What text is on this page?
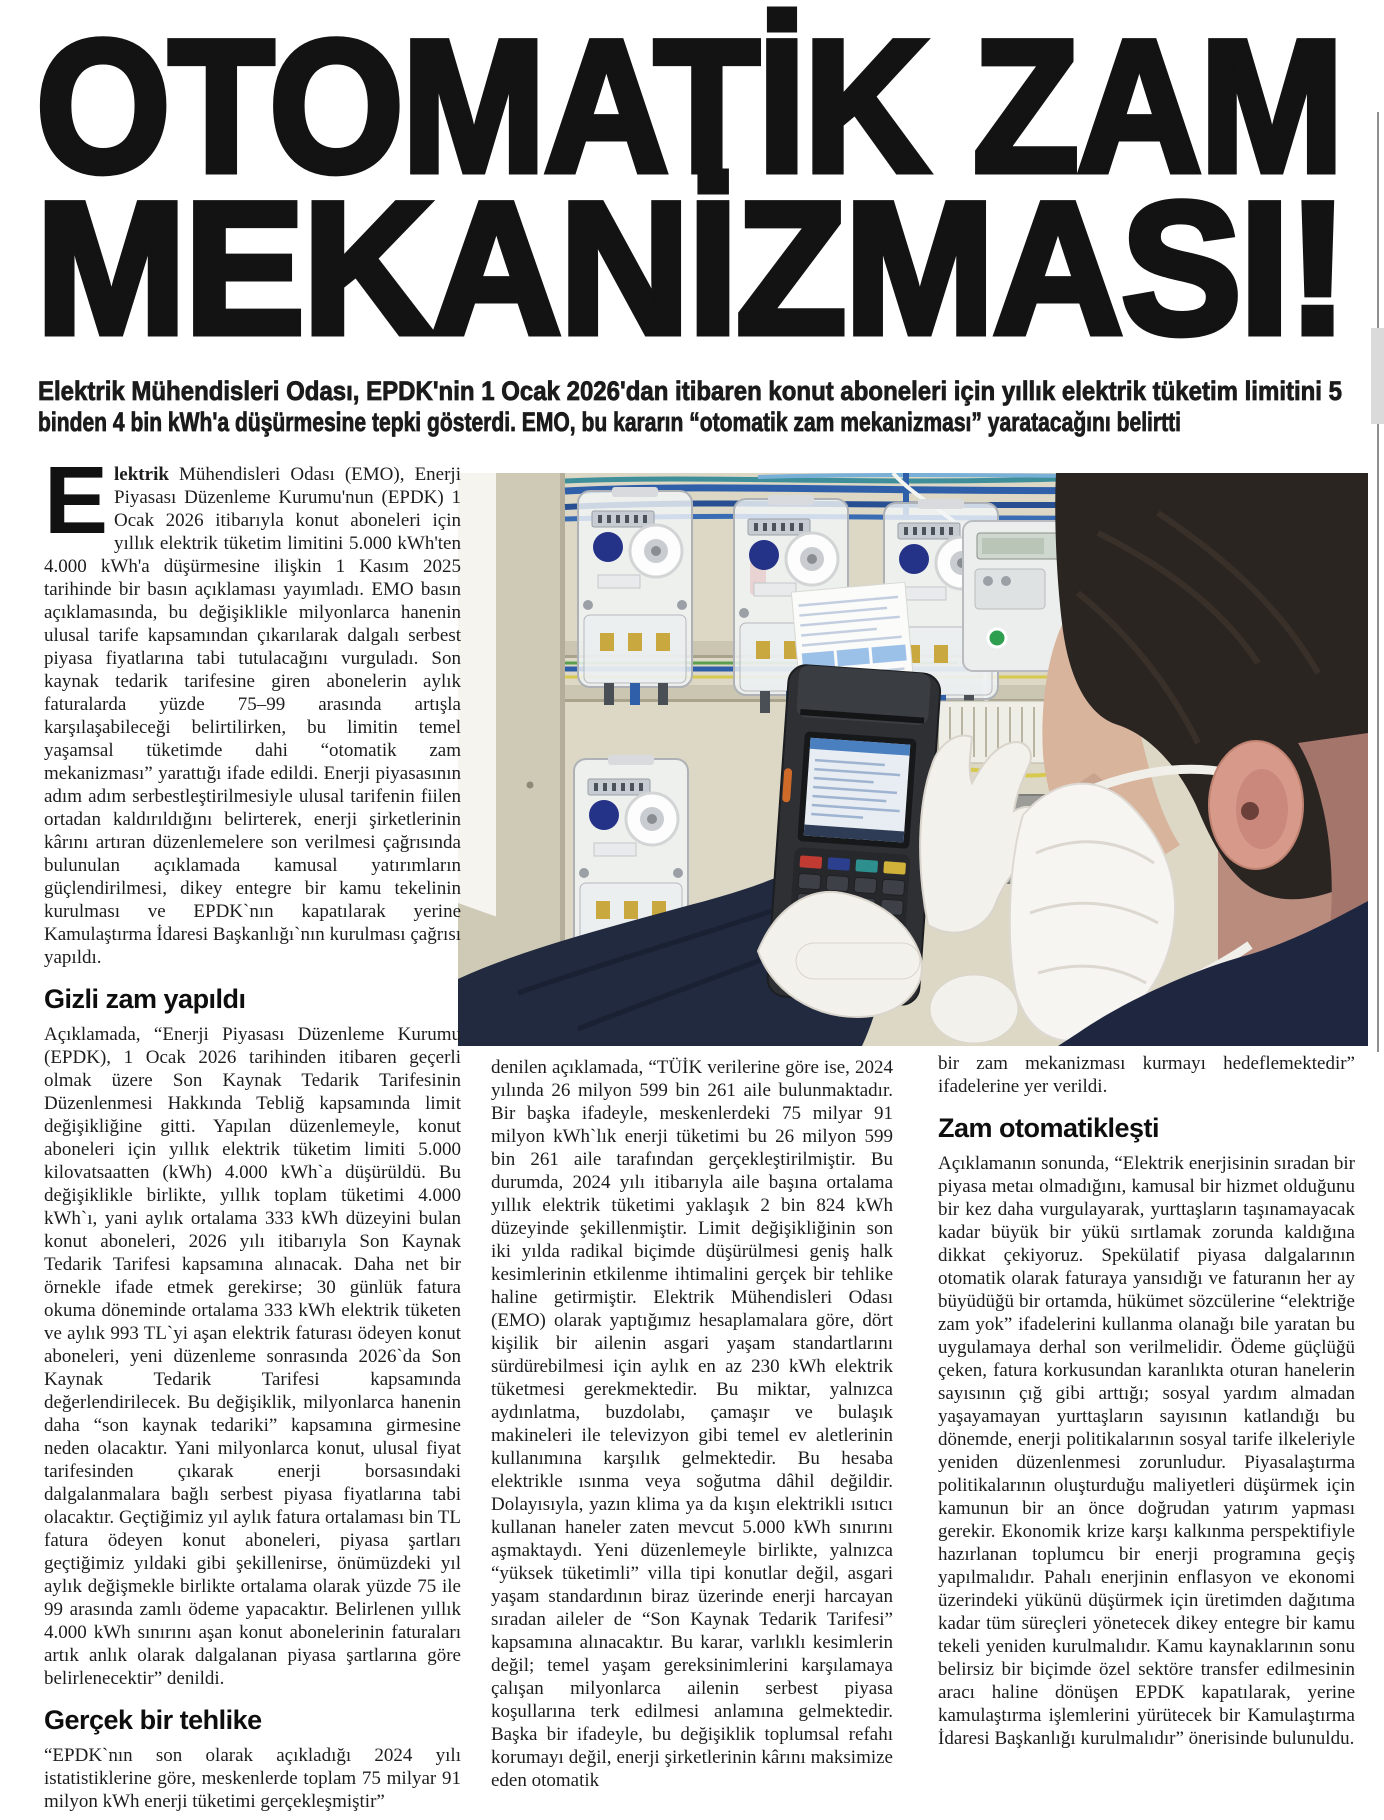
OTOMATİK ZAM
MEKANİZMASI!
Elektrik Mühendisleri Odası, EPDK'nin 1 Ocak 2026'dan itibaren konut aboneleri için yıllık elektrik tüketim limitini 5
binden 4 bin kWh'a düşürmesine tepki gösterdi. EMO, bu kararın “otomatik zam mekanizması” yaratacağını belirtti

Elektrik Mühendisleri Odası (EMO), Enerji Piyasası Düzenleme Kurumu'nun (EPDK) 1 Ocak 2026 itibarıyla konut aboneleri için yıllık elektrik tüketim limitini 5.000 kWh'ten 4.000 kWh'a düşürmesine ilişkin 1 Kasım 2025 tarihinde bir basın açıklaması yayımladı. EMO basın açıklamasında, bu değişiklikle milyonlarca hanenin ulusal tarife kapsamından çıkarılarak dalgalı serbest piyasa fiyatlarına tabi tutulacağını vurguladı. Son kaynak tedarik tarifesine giren abonelerin aylık faturalarda yüzde 75–99 arasında artışla karşılaşabileceği belirtilirken, bu limitin temel yaşamsal tüketimde dahi “otomatik zam mekanizması” yarattığı ifade edildi. Enerji piyasasının adım adım serbestleştirilmesiyle ulusal tarifenin fiilen ortadan kaldırıldığını belirterek, enerji şirketlerinin kârını artıran düzenlemelere son verilmesi çağrısında bulunulan açıklamada kamusal yatırımların güçlendirilmesi, dikey entegre bir kamu tekelinin kurulması ve EPDK`nın kapatılarak yerine Kamulaştırma İdaresi Başkanlığı`nın kurulması çağrısı yapıldı.

Gizli zam yapıldı

Açıklamada, “Enerji Piyasası Düzenleme Kurumu (EPDK), 1 Ocak 2026 tarihinden itibaren geçerli olmak üzere Son Kaynak Tedarik Tarifesinin Düzenlenmesi Hakkında Tebliğ kapsamında limit değişikliğine gitti. Yapılan düzenlemeyle, konut aboneleri için yıllık elektrik tüketim limiti 5.000 kilovatsaatten (kWh) 4.000 kWh`a düşürüldü. Bu değişiklikle birlikte, yıllık toplam tüketimi 4.000 kWh`ı, yani aylık ortalama 333 kWh düzeyini bulan konut aboneleri, 2026 yılı itibarıyla Son Kaynak Tedarik Tarifesi kapsamına alınacak. Daha net bir örnekle ifade etmek gerekirse; 30 günlük fatura okuma döneminde ortalama 333 kWh elektrik tüketen ve aylık 993 TL`yi aşan elektrik faturası ödeyen konut aboneleri, yeni düzenleme sonrasında 2026`da Son Kaynak Tedarik Tarifesi kapsamında değerlendirilecek. Bu değişiklik, milyonlarca hanenin daha “son kaynak tedariki” kapsamına girmesine neden olacaktır. Yani milyonlarca konut, ulusal fiyat tarifesinden çıkarak enerji borsasındaki dalgalanmalara bağlı serbest piyasa fiyatlarına tabi olacaktır. Geçtiğimiz yıl aylık fatura ortalaması bin TL fatura ödeyen konut aboneleri, piyasa şartları geçtiğimiz yıldaki gibi şekillenirse, önümüzdeki yıl aylık değişmekle birlikte ortalama olarak yüzde 75 ile 99 arasında zamlı ödeme yapacaktır. Belirlenen yıllık 4.000 kWh sınırını aşan konut abonelerinin faturaları artık anlık olarak dalgalanan piyasa şartlarına göre belirlenecektir” denildi.

Gerçek bir tehlike

“EPDK`nın son olarak açıkladığı 2024 yılı istatistiklerine göre, meskenlerde toplam 75 milyar 91 milyon kWh enerji tüketimi gerçekleşmiştir”

denilen açıklamada, “TÜİK verilerine göre ise, 2024 yılında 26 milyon 599 bin 261 aile bulunmaktadır. Bir başka ifadeyle, meskenlerdeki 75 milyar 91 milyon kWh`lık enerji tüketimi bu 26 milyon 599 bin 261 aile tarafından gerçekleştirilmiştir. Bu durumda, 2024 yılı itibarıyla aile başına ortalama yıllık elektrik tüketimi yaklaşık 2 bin 824 kWh düzeyinde şekillenmiştir. Limit değişikliğinin son iki yılda radikal biçimde düşürülmesi geniş halk kesimlerinin etkilenme ihtimalini gerçek bir tehlike haline getirmiştir. Elektrik Mühendisleri Odası (EMO) olarak yaptığımız hesaplamalara göre, dört kişilik bir ailenin asgari yaşam standartlarını sürdürebilmesi için aylık en az 230 kWh elektrik tüketmesi gerekmektedir. Bu miktar, yalnızca aydınlatma, buzdolabı, çamaşır ve bulaşık makineleri ile televizyon gibi temel ev aletlerinin kullanımına karşılık gelmektedir. Bu hesaba elektrikle ısınma veya soğutma dâhil değildir. Dolayısıyla, yazın klima ya da kışın elektrikli ısıtıcı kullanan haneler zaten mevcut 5.000 kWh sınırını aşmaktaydı. Yeni düzenlemeyle birlikte, yalnızca “yüksek tüketimli” villa tipi konutlar değil, asgari yaşam standardının biraz üzerinde enerji harcayan sıradan aileler de “Son Kaynak Tedarik Tarifesi” kapsamına alınacaktır. Bu karar, varlıklı kesimlerin değil; temel yaşam gereksinimlerini karşılamaya çalışan milyonlarca ailenin serbest piyasa koşullarına terk edilmesi anlamına gelmektedir. Başka bir ifadeyle, bu değişiklik toplumsal refahı korumayı değil, enerji şirketlerinin kârını maksimize eden otomatik

bir zam mekanizması kurmayı hedeflemektedir” ifadelerine yer verildi.

Zam otomatikleşti

Açıklamanın sonunda, “Elektrik enerjisinin sıradan bir piyasa metaı olmadığını, kamusal bir hizmet olduğunu bir kez daha vurgulayarak, yurttaşların taşınamayacak kadar büyük bir yükü sırtlamak zorunda kaldığına dikkat çekiyoruz. Spekülatif piyasa dalgalarının otomatik olarak faturaya yansıdığı ve faturanın her ay büyüdüğü bir ortamda, hükümet sözcülerine “elektriğe zam yok” ifadelerini kullanma olanağı bile yaratan bu uygulamaya derhal son verilmelidir. Ödeme güçlüğü çeken, fatura korkusundan karanlıkta oturan hanelerin sayısının çığ gibi arttığı; sosyal yardım almadan yaşayamayan yurttaşların sayısının katlandığı bu dönemde, enerji politikalarının sosyal tarife ilkeleriyle yeniden düzenlenmesi zorunludur. Piyasalaştırma politikalarının oluşturduğu maliyetleri düşürmek için kamunun bir an önce doğrudan yatırım yapması gerekir. Ekonomik krize karşı kalkınma perspektifiyle hazırlanan toplumcu bir enerji programına geçiş yapılmalıdır. Pahalı enerjinin enflasyon ve ekonomi üzerindeki yükünü düşürmek için üretimden dağıtıma kadar tüm süreçleri yönetecek dikey entegre bir kamu tekeli yeniden kurulmalıdır. Kamu kaynaklarının sonu belirsiz bir biçimde özel sektöre transfer edilmesinin aracı haline dönüşen EPDK kapatılarak, yerine kamulaştırma işlemlerini yürütecek bir Kamulaştırma İdaresi Başkanlığı kurulmalıdır” önerisinde bulunuldu.
